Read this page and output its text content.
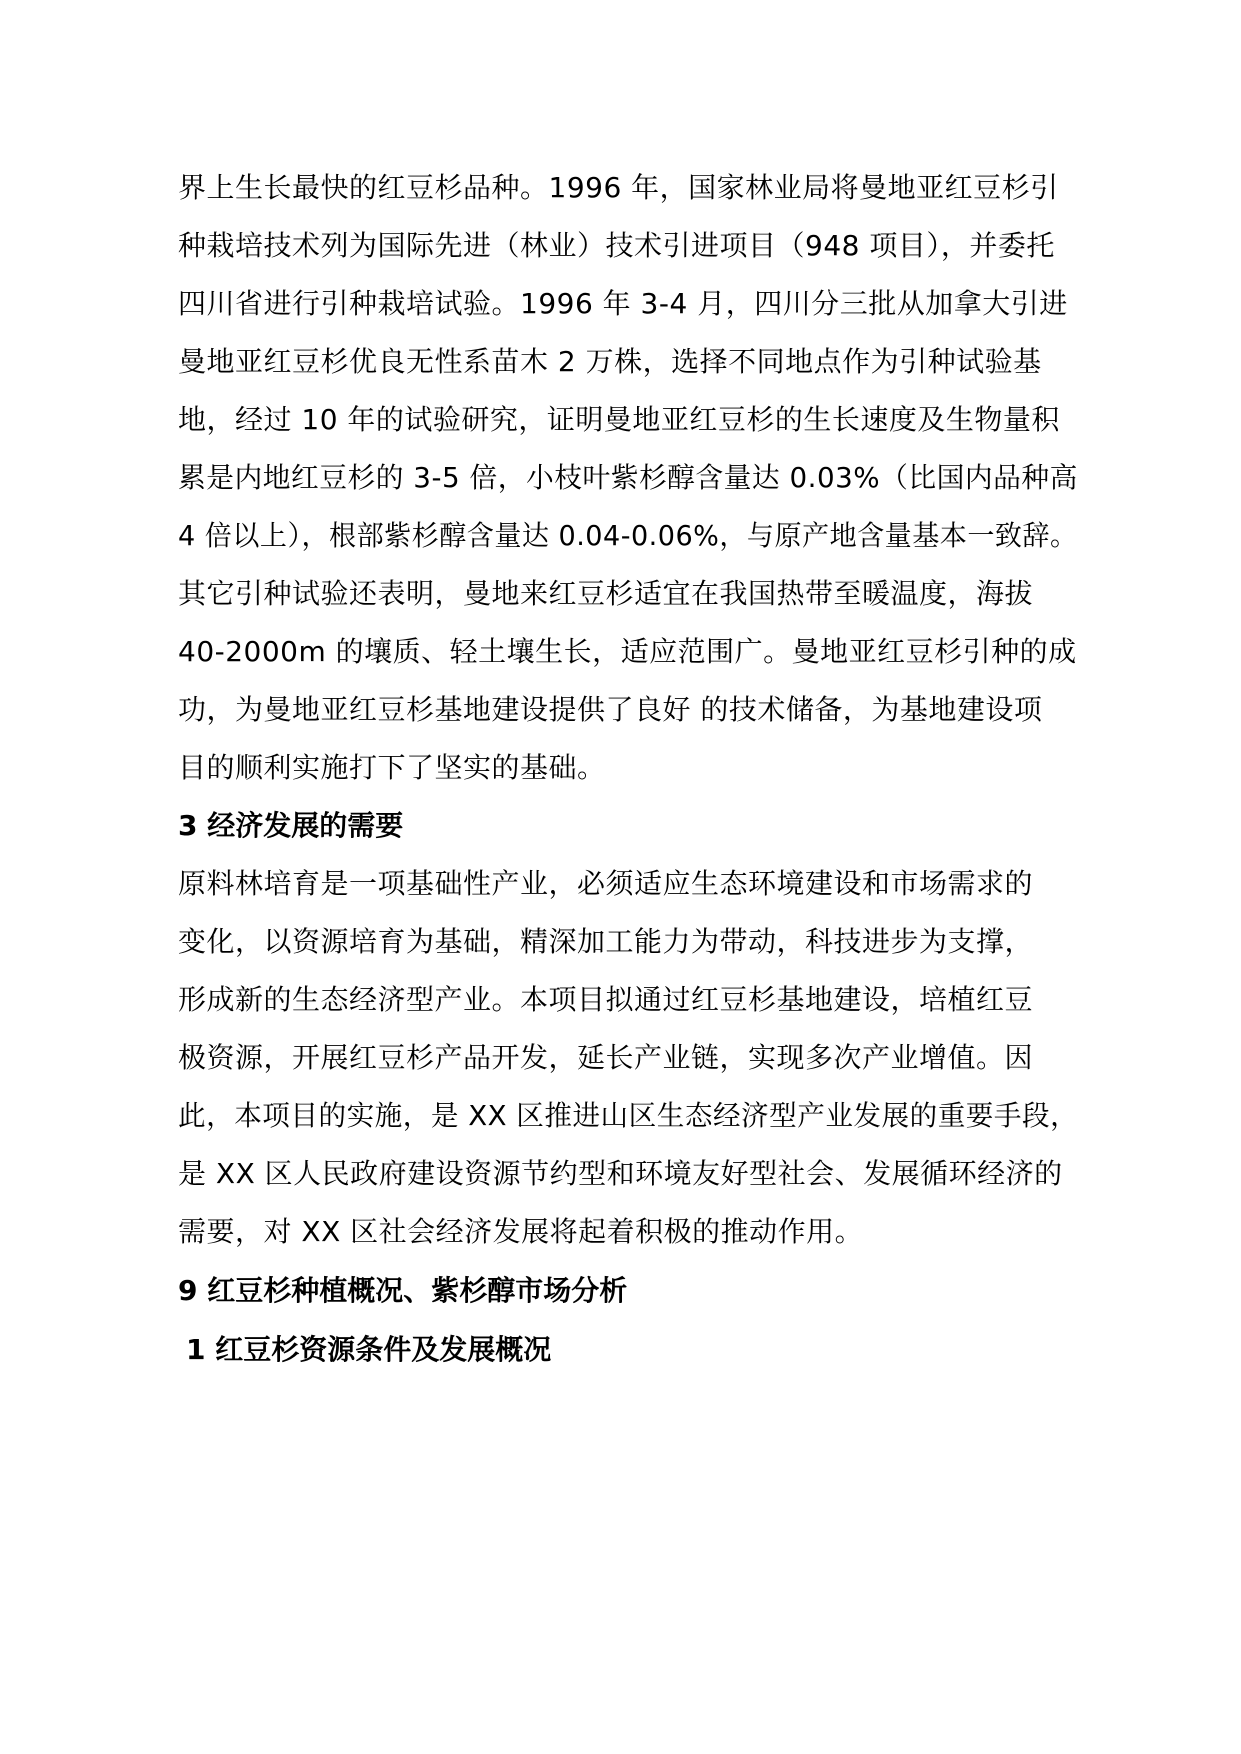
界上生长最快的红豆杉品种。1996 年，国家林业局将曼地亚红豆杉引
种栽培技术列为国际先进（林业）技术引进项目（948 项目），并委托
四川省进行引种栽培试验。1996 年 3-4 月，四川分三批从加拿大引进
曼地亚红豆杉优良无性系苗木 2 万株，选择不同地点作为引种试验基
地，经过 10 年的试验研究，证明曼地亚红豆杉的生长速度及生物量积
累是内地红豆杉的 3-5 倍，小枝叶紫杉醇含量达 0.03%（比国内品种高
4 倍以上），根部紫杉醇含量达 0.04-0.06%，与原产地含量基本一致辞。
其它引种试验还表明，曼地来红豆杉适宜在我国热带至暖温度，海拔
40-2000m 的壤质、轻土壤生长，适应范围广。曼地亚红豆杉引种的成
功，为曼地亚红豆杉基地建设提供了良好 的技术储备，为基地建设项
目的顺利实施打下了坚实的基础。
3 经济发展的需要
原料林培育是一项基础性产业，必须适应生态环境建设和市场需求的
变化，以资源培育为基础，精深加工能力为带动，科技进步为支撑，
形成新的生态经济型产业。本项目拟通过红豆杉基地建设，培植红豆
极资源，开展红豆杉产品开发，延长产业链，实现多次产业增值。因
此，本项目的实施，是 XX 区推进山区生态经济型产业发展的重要手段，
是 XX 区人民政府建设资源节约型和环境友好型社会、发展循环经济的
需要，对 XX 区社会经济发展将起着积极的推动作用。
9 红豆杉种植概况、紫杉醇市场分析
1 红豆杉资源条件及发展概况
